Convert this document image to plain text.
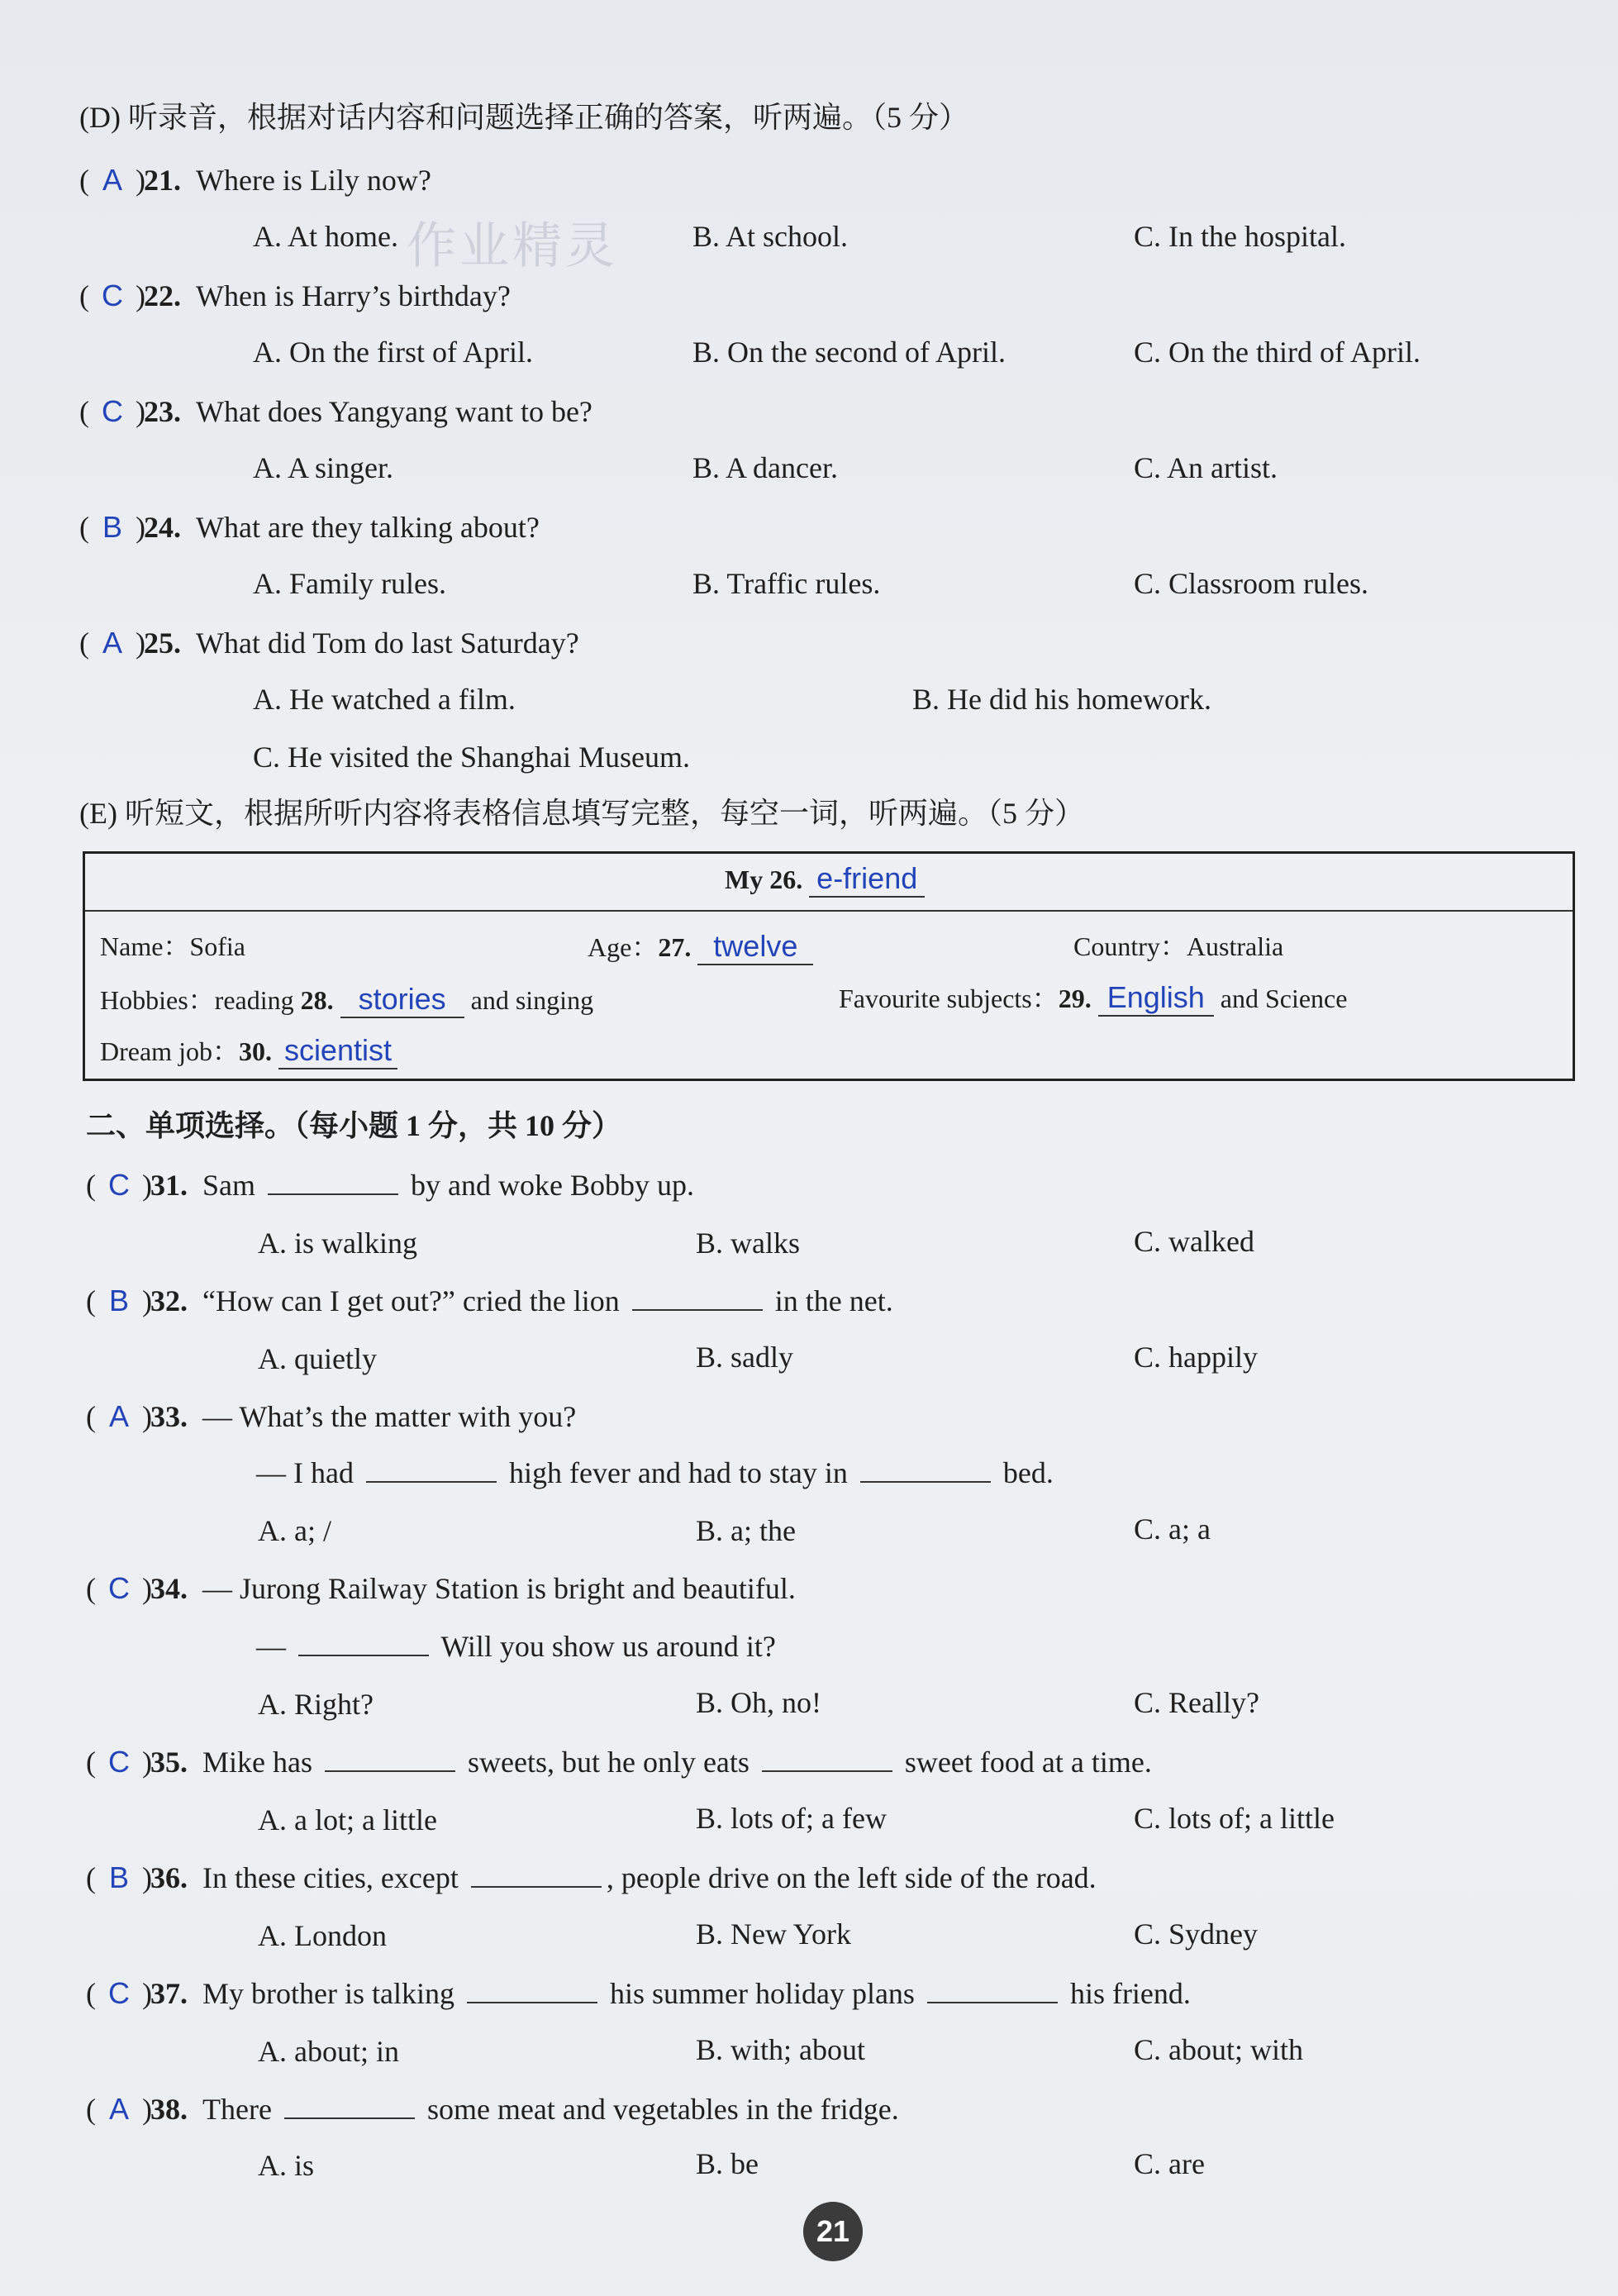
作业精灵
(D) 听录音，根据对话内容和问题选择正确的答案，听两遍。（5 分）
( A )21. Where is Lily now?
A. At home.	B. At school.	C. In the hospital.
( C )22. When is Harry’s birthday?
A. On the first of April.	B. On the second of April.	C. On the third of April.
( C )23. What does Yangyang want to be?
A. A singer.	B. A dancer.	C. An artist.
( B )24. What are they talking about?
A. Family rules.	B. Traffic rules.	C. Classroom rules.
( A )25. What did Tom do last Saturday?
A. He watched a film.	B. He did his homework.
C. He visited the Shanghai Museum.
(E) 听短文，根据所听内容将表格信息填写完整，每空一词，听两遍。（5 分）
My 26. e-friend
Name：Sofia	Age：27. twelve	Country：Australia
Hobbies：reading 28. stories and singing	Favourite subjects：29. English and Science
Dream job：30. scientist
二、单项选择。（每小题 1 分，共 10 分）
( C )31. Sam	by and woke Bobby up.
A. is walking	B. walks	C. walked
( B )32. “How can I get out?” cried the lion	in the net.
A. quietly	B. sadly	C. happily
( A )33. — What’s the matter with you?
— I had	high fever and had to stay in	bed.
A. a; /	B. a; the	C. a; a
( C )34. — Jurong Railway Station is bright and beautiful.
—	Will you show us around it?
A. Right?	B. Oh, no!	C. Really?
( C )35. Mike has	sweets, but he only eats	sweet food at a time.
A. a lot; a little	B. lots of; a few	C. lots of; a little
( B )36. In these cities, except	, people drive on the left side of the road.
A. London	B. New York	C. Sydney
( C )37. My brother is talking	his summer holiday plans	his friend.
A. about; in	B. with; about	C. about; with
( A )38. There	some meat and vegetables in the fridge.
A. is	B. be	C. are
21
